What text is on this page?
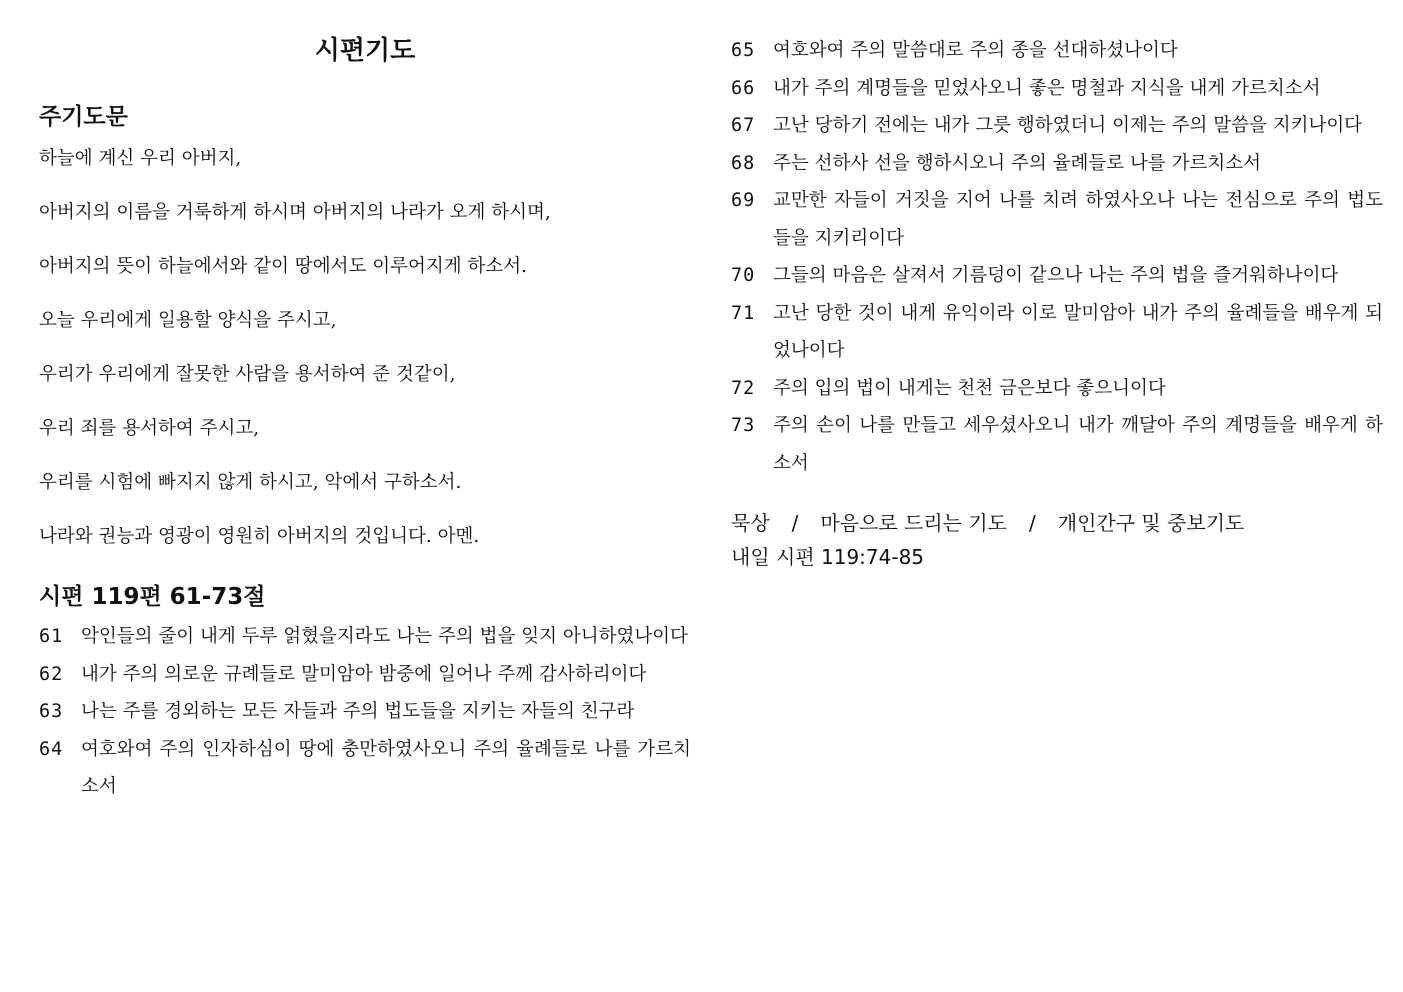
시편기도
주기도문
하늘에 계신 우리 아버지,
아버지의 이름을 거룩하게 하시며 아버지의 나라가 오게 하시며,
아버지의 뜻이 하늘에서와 같이 땅에서도 이루어지게 하소서.
오늘 우리에게 일용할 양식을 주시고,
우리가 우리에게 잘못한 사람을 용서하여 준 것같이,
우리 죄를 용서하여 주시고,
우리를 시험에 빠지지 않게 하시고, 악에서 구하소서.
나라와 권능과 영광이 영원히 아버지의 것입니다. 아멘.
시편 119편 61-73절
61 악인들의 줄이 내게 두루 얽혔을지라도 나는 주의 법을 잊지 아니하였나이다
62 내가 주의 의로운 규례들로 말미암아 밤중에 일어나 주께 감사하리이다
63 나는 주를 경외하는 모든 자들과 주의 법도들을 지키는 자들의 친구라
64 여호와여 주의 인자하심이 땅에 충만하였사오니 주의 율례들로 나를 가르치소서
65 여호와여 주의 말씀대로 주의 종을 선대하셨나이다
66 내가 주의 계명들을 믿었사오니 좋은 명철과 지식을 내게 가르치소서
67 고난 당하기 전에는 내가 그릇 행하였더니 이제는 주의 말씀을 지키나이다
68 주는 선하사 선을 행하시오니 주의 율례들로 나를 가르치소서
69 교만한 자들이 거짓을 지어 나를 치려 하였사오나 나는 전심으로 주의 법도들을 지키리이다
70 그들의 마음은 살져서 기름덩이 같으나 나는 주의 법을 즐거워하나이다
71 고난 당한 것이 내게 유익이라 이로 말미암아 내가 주의 율례들을 배우게 되었나이다
72 주의 입의 법이 내게는 천천 금은보다 좋으니이다
73 주의 손이 나를 만들고 세우셨사오니 내가 깨달아 주의 계명들을 배우게 하소서
묵상 / 마음으로 드리는 기도 / 개인간구 및 중보기도
내일 시편 119:74-85
